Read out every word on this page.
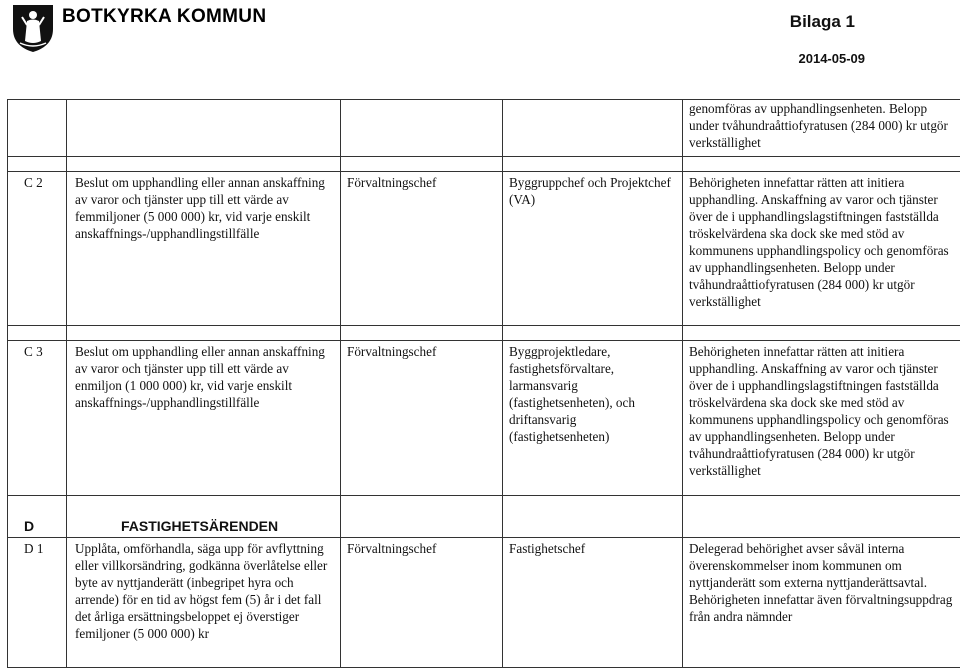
BOTKYRKA KOMMUN	Bilaga 1
2014-05-09
				genomföras av upphandlingsenheten. Belopp under tvåhundraåttiofyratusen (284 000) kr utgör verkställighet

C 2	Beslut om upphandling eller annan anskaffning av varor och tjänster upp till ett värde av femmiljoner (5 000 000) kr, vid varje enskilt anskaffnings-/upphandlingstillfälle	Förvaltningschef	Byggruppchef och Projektchef (VA)	Behörigheten innefattar rätten att initiera upphandling. Anskaffning av varor och tjänster över de i upphandlingslagstiftningen fastställda tröskelvärdena ska dock ske med stöd av kommunens upphandlingspolicy och genomföras av upphandlingsenheten. Belopp under tvåhundraåttiofyratusen (284 000) kr utgör verkställighet

C 3	Beslut om upphandling eller annan anskaffning av varor och tjänster upp till ett värde av enmiljon (1 000 000) kr, vid varje enskilt anskaffnings-/upphandlingstillfälle	Förvaltningschef	Byggprojektledare, fastighetsförvaltare, larmansvarig (fastighetsenheten), och driftansvarig (fastighetsenheten)	Behörigheten innefattar rätten att initiera upphandling. Anskaffning av varor och tjänster över de i upphandlingslagstiftningen fastställda tröskelvärdena ska dock ske med stöd av kommunens upphandlingspolicy och genomföras av upphandlingsenheten. Belopp under tvåhundraåttiofyratusen (284 000) kr utgör verkställighet
D	FASTIGHETSÄRENDEN			
D 1	Upplåta, omförhandla, säga upp för avflyttning eller villkorsändring, godkänna överlåtelse eller byte av nyttjanderätt (inbegripet hyra och arrende) för en tid av högst fem (5) år i det fall det årliga ersättningsbeloppet ej överstiger femiljoner (5 000 000) kr	Förvaltningschef	Fastighetschef	Delegerad behörighet avser såväl interna överenskommelser inom kommunen om nyttjanderätt som externa nyttjanderättsavtal. Behörigheten innefattar även förvaltningsuppdrag från andra nämnder
